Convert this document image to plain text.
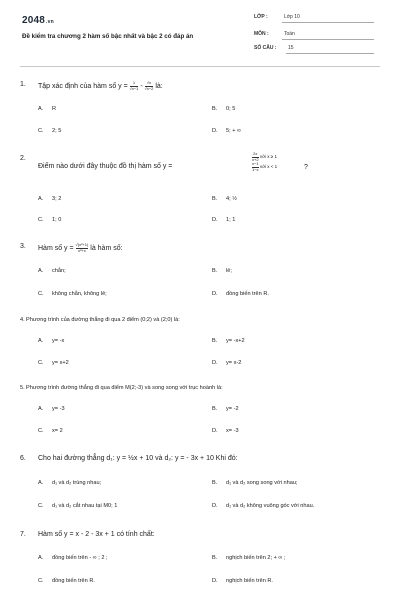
2048.vn
Đề kiểm tra chương 2 hàm số bậc nhất và bậc 2 có đáp án
LỚP :	Lớp 10
MÔN :	Toán
SỐ CÂU : 15
1. Tập xác định của hàm số $y = \frac{1}{√x-1} - \frac{√x}{√x-2}$ là:
A. R	B. 0; 5
C. 2; 5	D. 5; + ∞
2.
Điểm nào dưới đây thuộc đồ thị hàm số y =
$\frac{2x}{x+2}$ với x ≥ 1
$\frac{x-1}{1-x}$ với x < 1	?
A. 3; 2	B. 4; ½
C. 1; 0	D. 1; 1
3. Hàm số $y = \frac{\text{√(x²+1)}}{\text{x²+x}}$ là hàm số:
A. chẵn;	B. lẻ;
C. không chẵn, không lẻ;	D. đồng biến trên R.
4. Phương trình của đường thẳng đi qua 2 điểm (0;2) và (2;0) là:
A. y= -x	B. y= -x+2
C. y= x+2	D. y= x-2
5. Phương trình đường thẳng đi qua điểm M(2;-3) và song song với trục hoành là:
A. y= -3	B. y= -2
C. x= 2	D. x= -3
6. Cho hai đường thẳng d₁: y = ½x + 10 và d₂: y = - 3x + 10 Khi đó:
A. d₁ và d₂ trùng nhau;	B. d₁ và d₂ song song với nhau;
C. d₁ và d₂ cắt nhau tại M0; 1	D. d₁ và d₂ không vuông góc với nhau.
7. Hàm số y = x - 2 - 3x + 1 có tính chất:
A. đồng biến trên - ∞ ; 2 ;	B. nghịch biến trên 2; + ∞ ;
C. đồng biến trên R.	D. nghịch biến trên R.
